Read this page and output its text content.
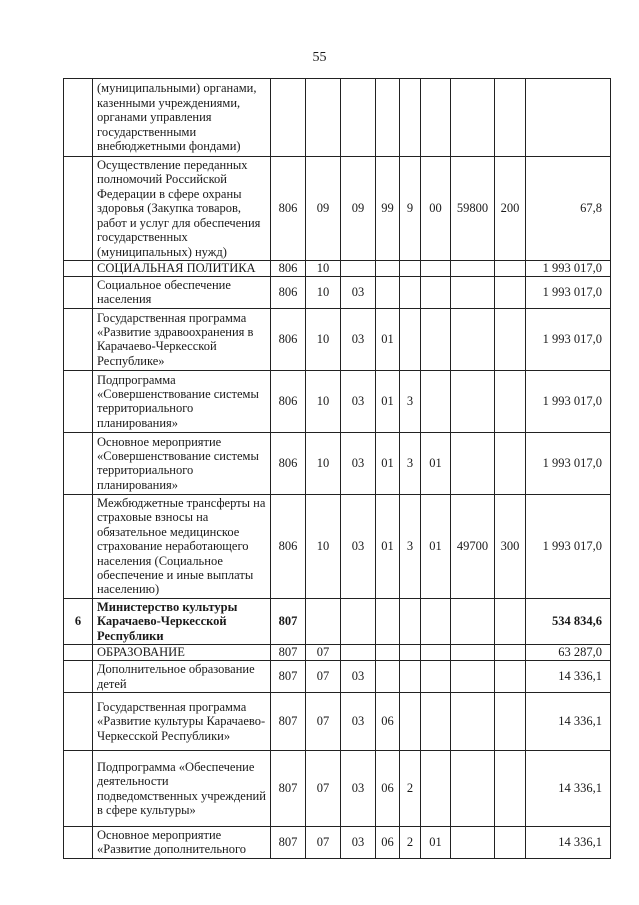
55
	(муниципальными) органами, казенными учреждениями, органами управления государственными внебюджетными фондами)									
	Осуществление переданных полномочий Российской Федерации в сфере охраны здоровья (Закупка товаров, работ и услуг для обеспечения государственных (муниципальных) нужд)	806	09	09	99	9	00	59800	200	67,8
	СОЦИАЛЬНАЯ ПОЛИТИКА	806	10							1 993 017,0
	Социальное обеспечение населения	806	10	03						1 993 017,0
	Государственная программа «Развитие здравоохранения в Карачаево-Черкесской Республике»	806	10	03	01					1 993 017,0
	Подпрограмма «Совершенствование системы территориального планирования»	806	10	03	01	3				1 993 017,0
	Основное мероприятие «Совершенствование системы территориального планирования»	806	10	03	01	3	01			1 993 017,0
	Межбюджетные трансферты на страховые взносы на обязательное медицинское страхование неработающего населения (Социальное обеспечение и иные выплаты населению)	806	10	03	01	3	01	49700	300	1 993 017,0
6	Министерство культуры Карачаево-Черкесской Республики	807								534 834,6
	ОБРАЗОВАНИЕ	807	07							63 287,0
	Дополнительное образование детей	807	07	03						14 336,1
	Государственная программа «Развитие культуры Карачаево-Черкесской Республики»	807	07	03	06					14 336,1
	Подпрограмма «Обеспечение деятельности подведомственных учреждений в сфере культуры»	807	07	03	06	2				14 336,1
	Основное мероприятие «Развитие дополнительного	807	07	03	06	2	01			14 336,1
